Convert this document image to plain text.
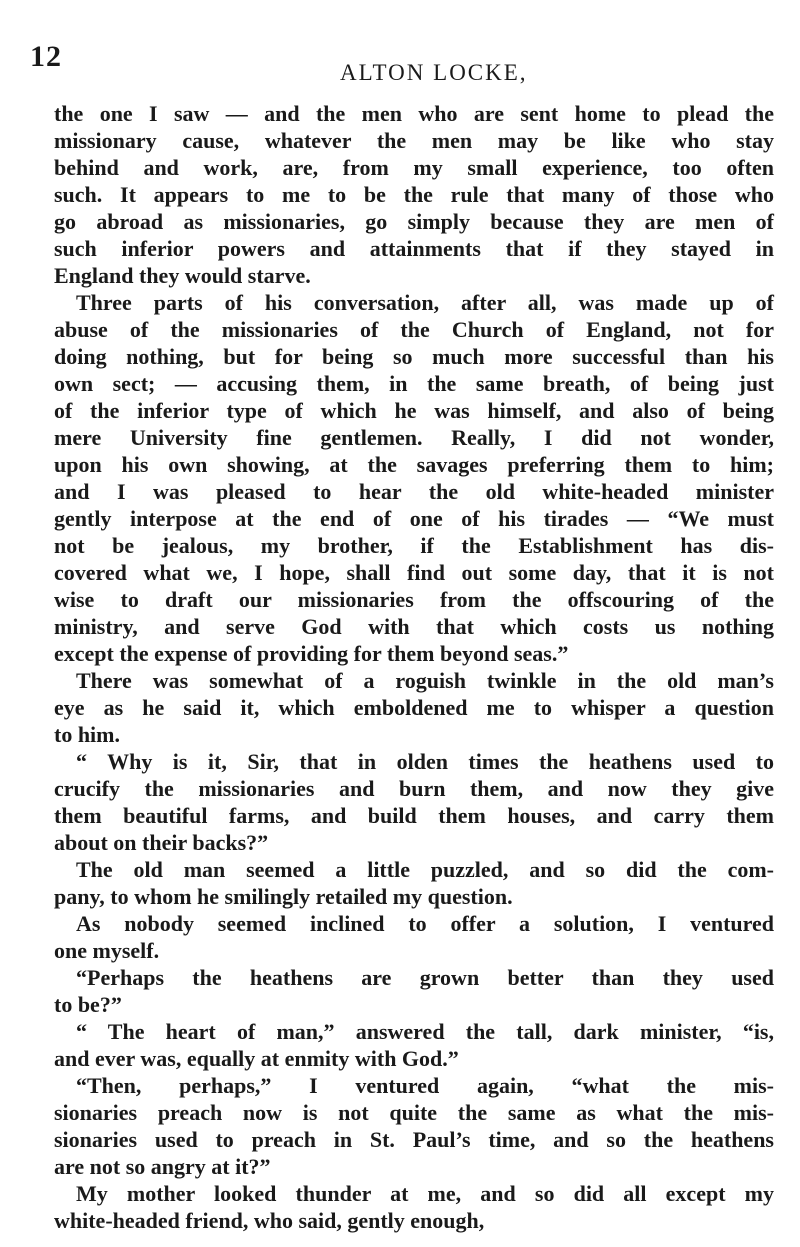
12	ALTON LOCKE,
the one I saw — and the men who are sent home to plead the
missionary cause, whatever the men may be like who stay
behind and work, are, from my small experience, too often
such. It appears to me to be the rule that many of those who
go abroad as missionaries, go simply because they are men of
such inferior powers and attainments that if they stayed in
England they would starve.
Three parts of his conversation, after all, was made up of
abuse of the missionaries of the Church of England, not for
doing nothing, but for being so much more successful than his
own sect; — accusing them, in the same breath, of being just
of the inferior type of which he was himself, and also of being
mere University fine gentlemen. Really, I did not wonder,
upon his own showing, at the savages preferring them to him;
and I was pleased to hear the old white-headed minister
gently interpose at the end of one of his tirades — “We must
not be jealous, my brother, if the Establishment has dis-
covered what we, I hope, shall find out some day, that it is not
wise to draft our missionaries from the offscouring of the
ministry, and serve God with that which costs us nothing
except the expense of providing for them beyond seas.”
There was somewhat of a roguish twinkle in the old man’s
eye as he said it, which emboldened me to whisper a question
to him.
“ Why is it, Sir, that in olden times the heathens used to
crucify the missionaries and burn them, and now they give
them beautiful farms, and build them houses, and carry them
about on their backs?”
The old man seemed a little puzzled, and so did the com-
pany, to whom he smilingly retailed my question.
As nobody seemed inclined to offer a solution, I ventured
one myself.
“Perhaps the heathens are grown better than they used
to be?”
“ The heart of man,” answered the tall, dark minister, “is,
and ever was, equally at enmity with God.”
“Then, perhaps,” I ventured again, “what the mis-
sionaries preach now is not quite the same as what the mis-
sionaries used to preach in St. Paul’s time, and so the heathens
are not so angry at it?”
My mother looked thunder at me, and so did all except my
white-headed friend, who said, gently enough,
